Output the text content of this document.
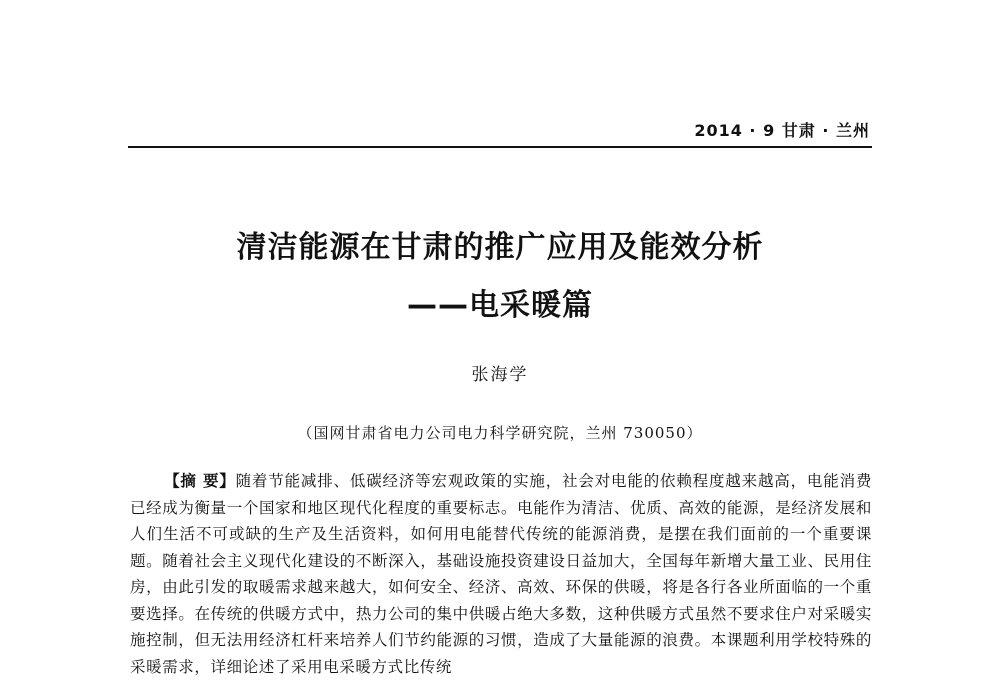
2014 · 9 甘肃 · 兰州
清洁能源在甘肃的推广应用及能效分析
——电采暖篇
张海学
（国网甘肃省电力公司电力科学研究院，兰州 730050）

【摘 要】随着节能减排、低碳经济等宏观政策的实施，社会对电能的依赖程度越来越高，电能消费已经成为衡量一个国家和地区现代化程度的重要标志。电能作为清洁、优质、高效的能源，是经济发展和人们生活不可或缺的生产及生活资料，如何用电能替代传统的能源消费，是摆在我们面前的一个重要课题。随着社会主义现代化建设的不断深入，基础设施投资建设日益加大，全国每年新增大量工业、民用住房，由此引发的取暖需求越来越大，如何安全、经济、高效、环保的供暖，将是各行各业所面临的一个重要选择。在传统的供暖方式中，热力公司的集中供暖占绝大多数，这种供暖方式虽然不要求住户对采暖实施控制，但无法用经济杠杆来培养人们节约能源的习惯，造成了大量能源的浪费。本课题利用学校特殊的采暖需求，详细论述了采用电采暖方式比传统
